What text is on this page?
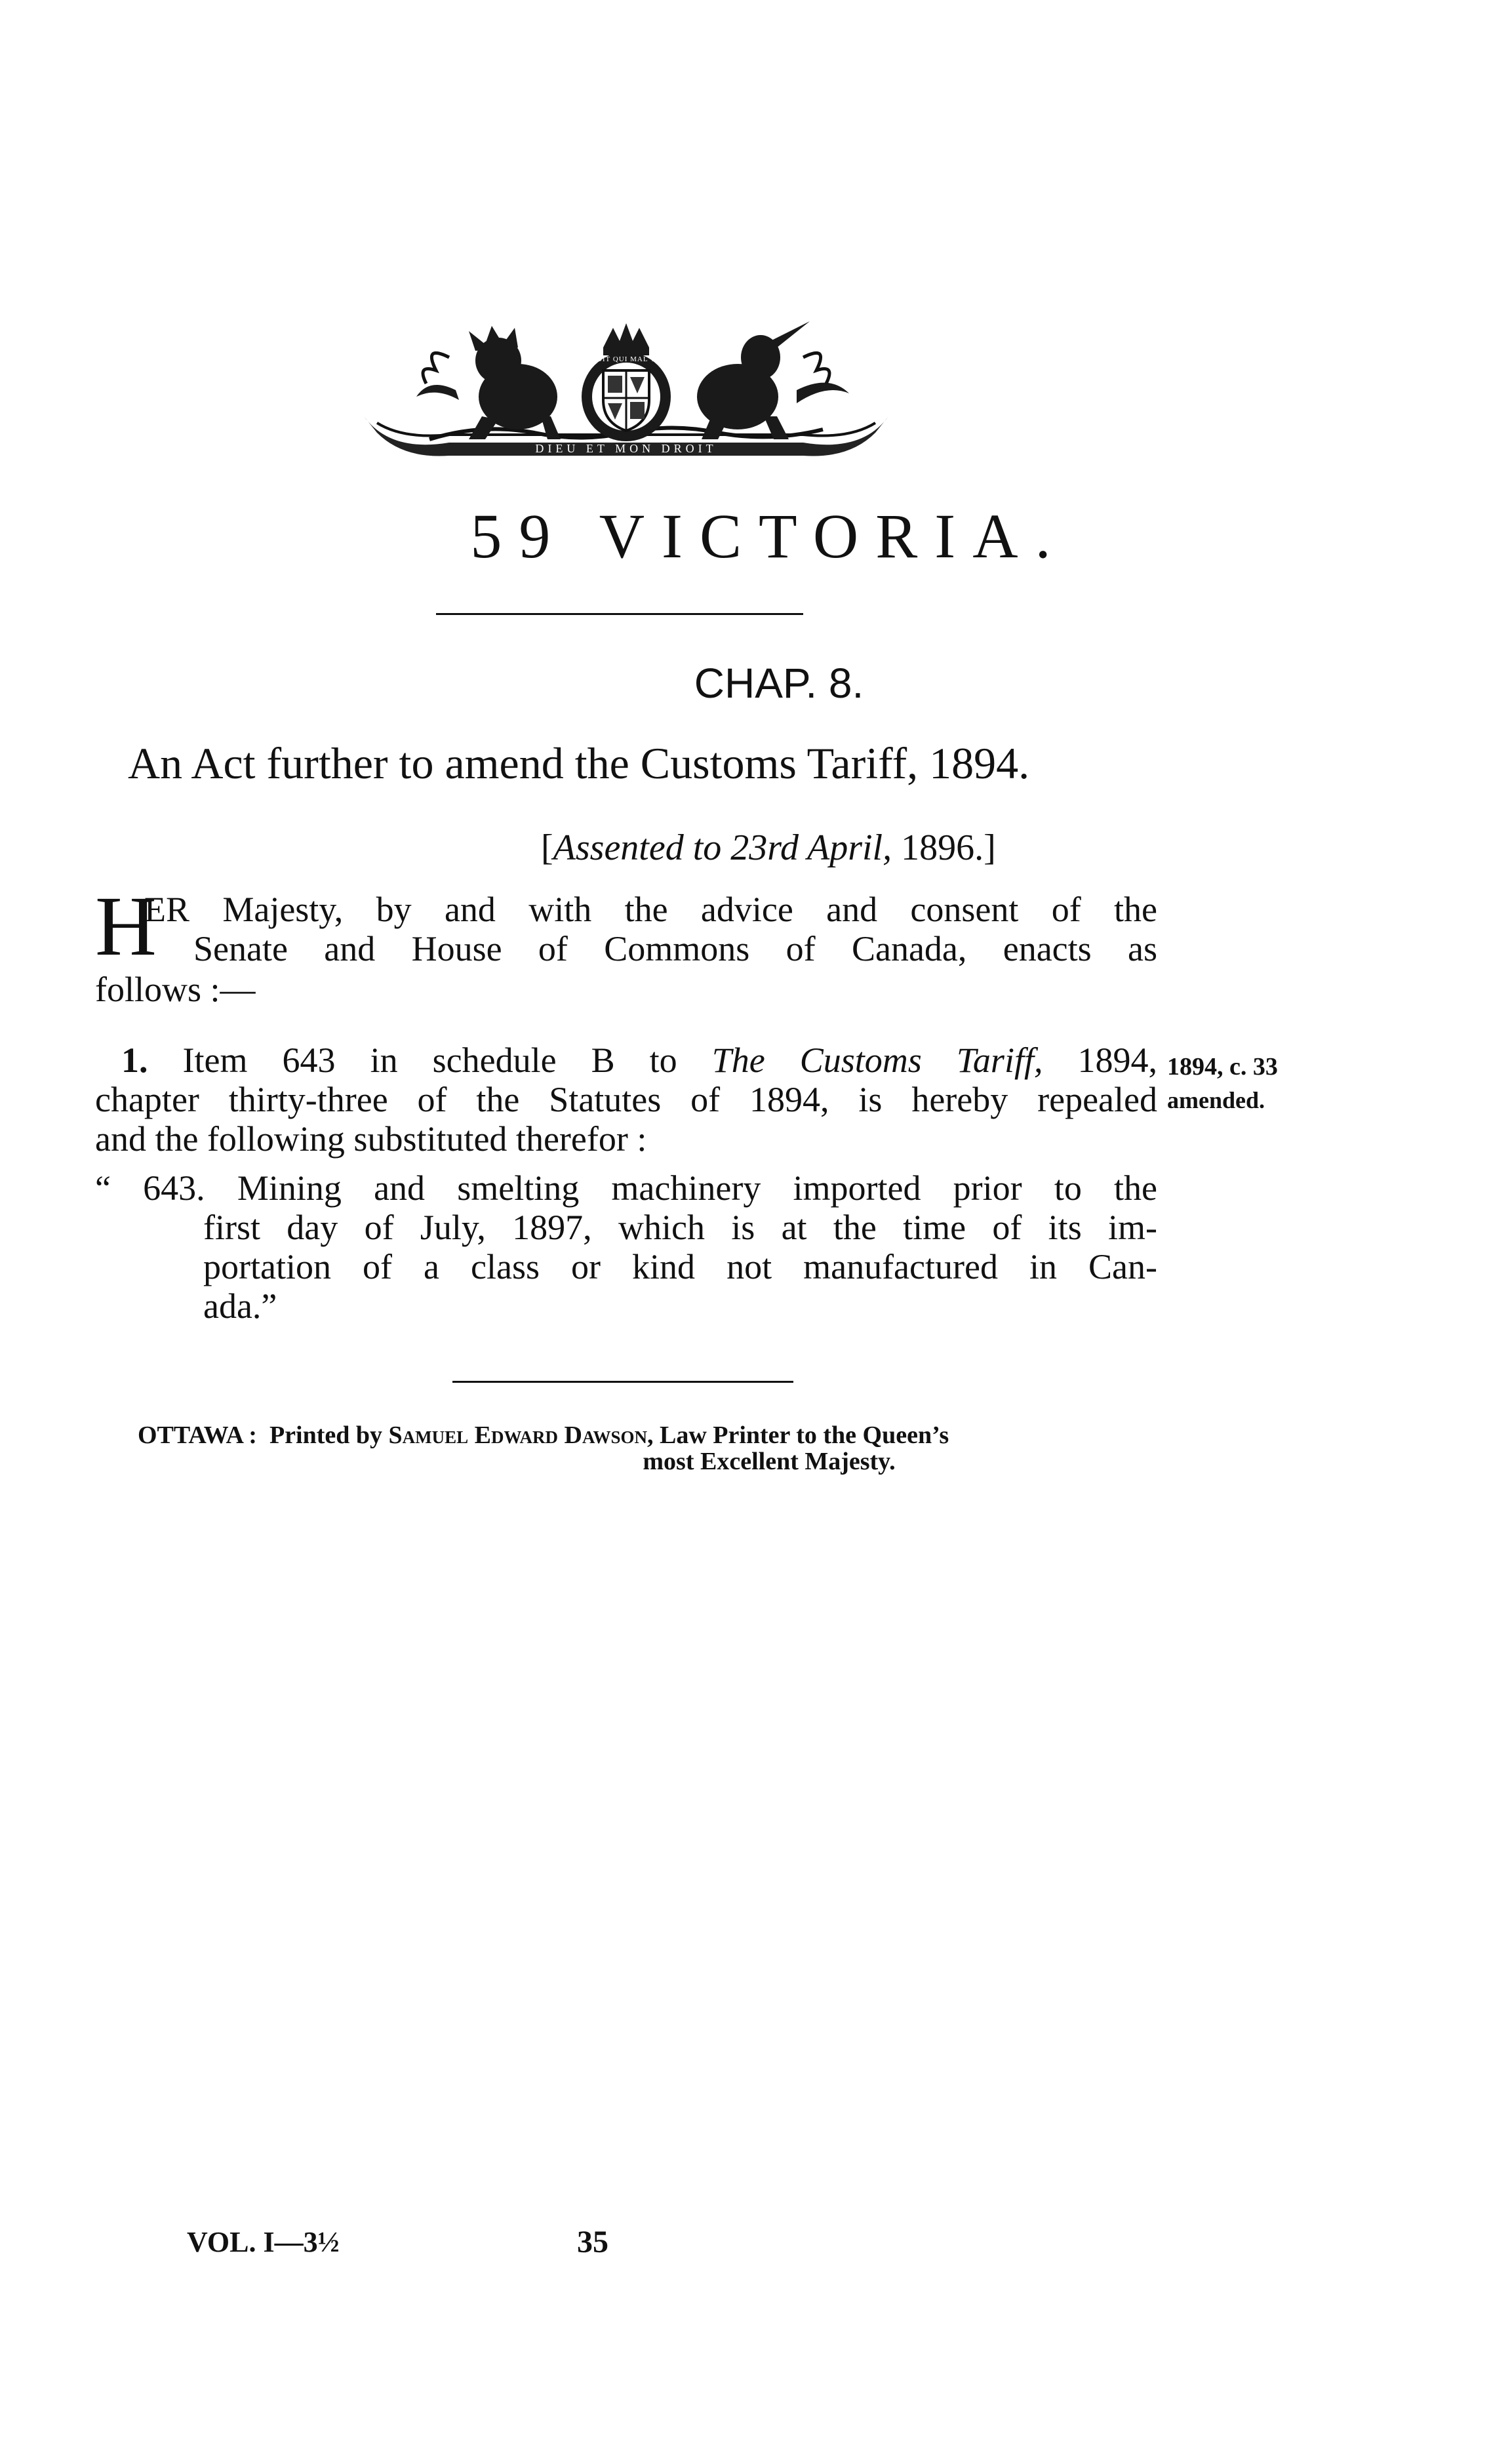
DIEU ET MON DROIT
HONI SOIT QUI MAL Y PENSE
59 VICTORIA.
CHAP. 8.
An Act further to amend the Customs Tariff, 1894.
[Assented to 23rd April, 1896.]
H
ER Majesty, by and with the advice and consent of the
Senate and House of Commons of Canada, enacts as
follows :—
1. Item 643 in schedule B to The Customs Tariff, 1894,
chapter thirty-three of the Statutes of 1894, is hereby repealed
and the following substituted therefor :
“ 643. Mining and smelting machinery imported prior to the
first day of July, 1897, which is at the time of its im-
portation of a class or kind not manufactured in Can-
ada.”
1894, c. 33
amended.
OTTAWA : Printed by Samuel Edward Dawson, Law Printer to the Queen’s
most Excellent Majesty.
VOL. I—3½	35
